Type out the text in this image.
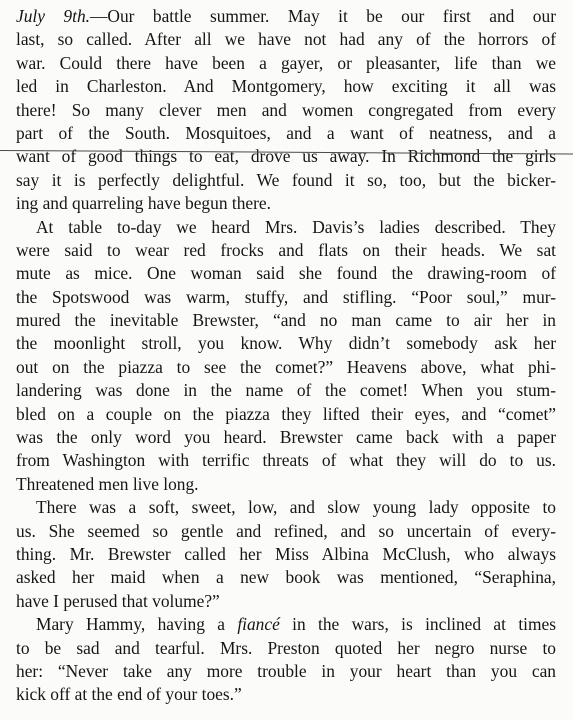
July 9th.—Our battle summer. May it be our first and our
last, so called. After all we have not had any of the horrors of
war. Could there have been a gayer, or pleasanter, life than we
led in Charleston. And Montgomery, how exciting it all was
there! So many clever men and women congregated from every
part of the South. Mosquitoes, and a want of neatness, and a
want of good things to eat, drove us away. In Richmond the girls
say it is perfectly delightful. We found it so, too, but the bicker-
ing and quarreling have begun there.
At table to-day we heard Mrs. Davis’s ladies described. They
were said to wear red frocks and flats on their heads. We sat
mute as mice. One woman said she found the drawing-room of
the Spotswood was warm, stuffy, and stifling. “Poor soul,” mur-
mured the inevitable Brewster, “and no man came to air her in
the moonlight stroll, you know. Why didn’t somebody ask her
out on the piazza to see the comet?” Heavens above, what phi-
landering was done in the name of the comet! When you stum-
bled on a couple on the piazza they lifted their eyes, and “comet”
was the only word you heard. Brewster came back with a paper
from Washington with terrific threats of what they will do to us.
Threatened men live long.
There was a soft, sweet, low, and slow young lady opposite to
us. She seemed so gentle and refined, and so uncertain of every-
thing. Mr. Brewster called her Miss Albina McClush, who always
asked her maid when a new book was mentioned, “Seraphina,
have I perused that volume?”
Mary Hammy, having a fiancé in the wars, is inclined at times
to be sad and tearful. Mrs. Preston quoted her negro nurse to
her: “Never take any more trouble in your heart than you can
kick off at the end of your toes.”
